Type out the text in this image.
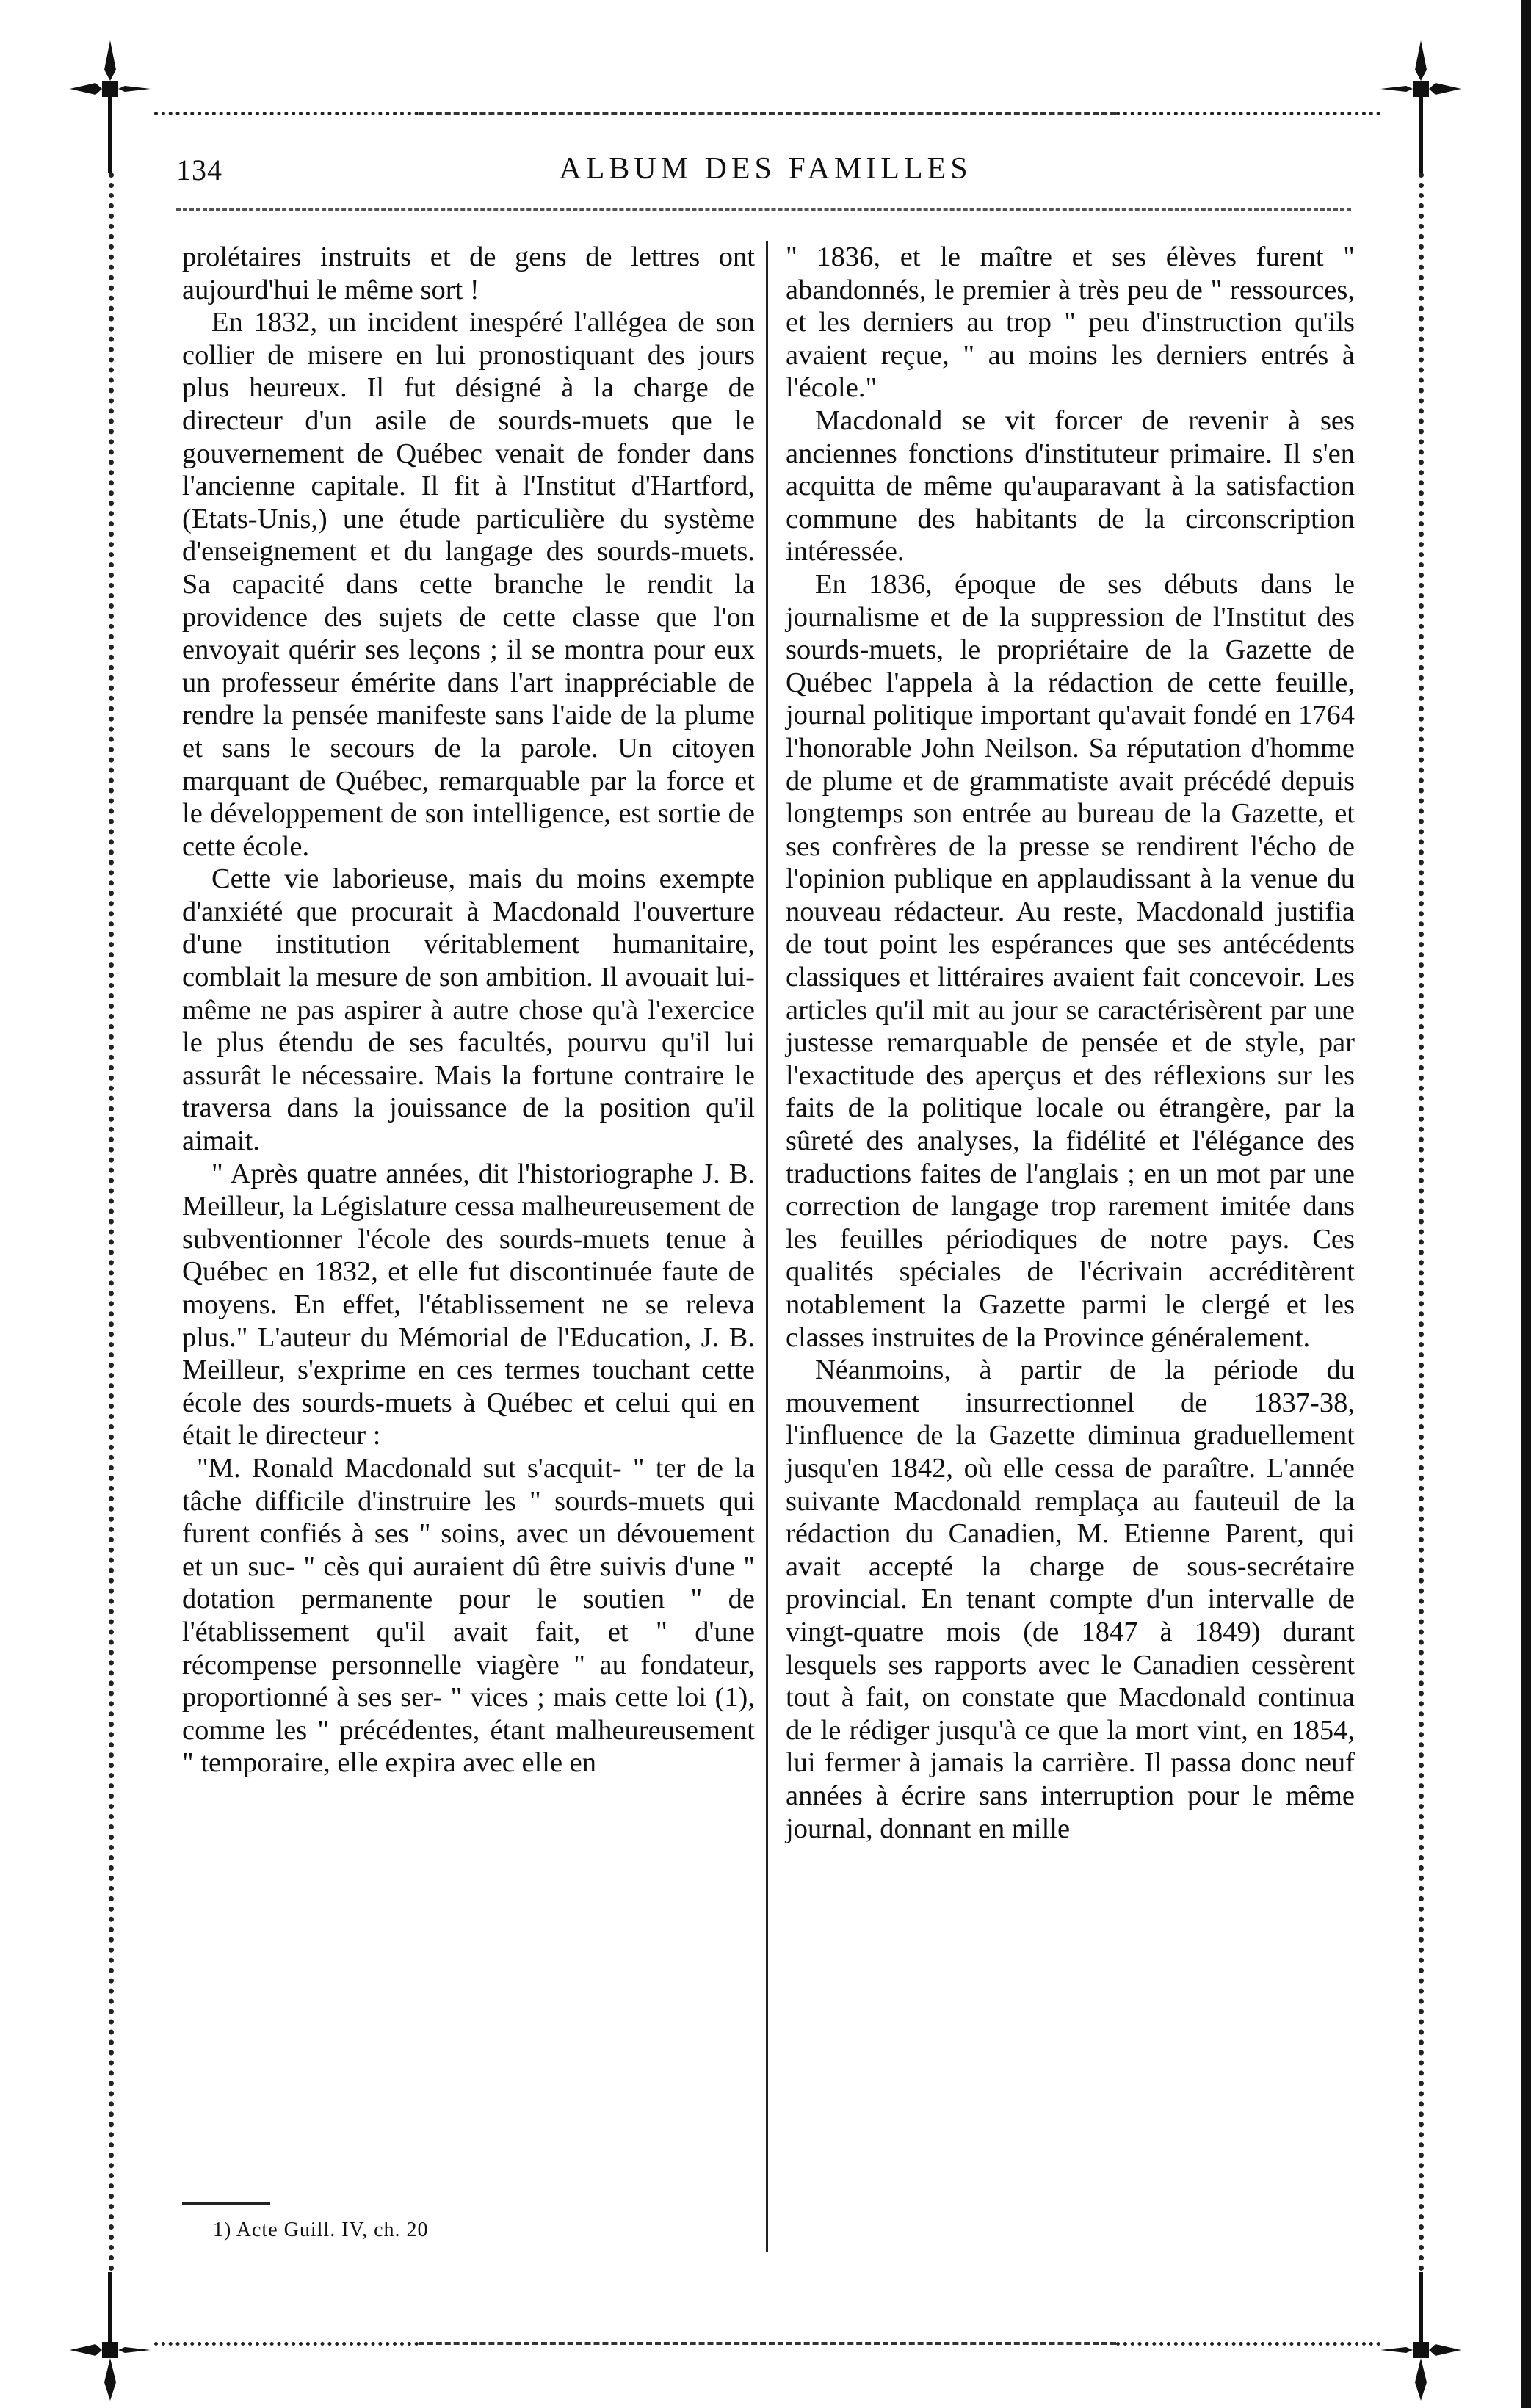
134	ALBUM DES FAMILLES

prolétaires instruits et de gens de lettres ont aujourd'hui le même sort !

En 1832, un incident inespéré l'allégea de son collier de misere en lui pronostiquant des jours plus heureux. Il fut désigné à la charge de directeur d'un asile de sourds-muets que le gouvernement de Québec venait de fonder dans l'ancienne capitale. Il fit à l'Institut d'Hartford, (Etats-Unis,) une étude particulière du système d'enseignement et du langage des sourds-muets. Sa capacité dans cette branche le rendit la providence des sujets de cette classe que l'on envoyait quérir ses leçons ; il se montra pour eux un professeur émérite dans l'art inappréciable de rendre la pensée manifeste sans l'aide de la plume et sans le secours de la parole. Un citoyen marquant de Québec, remarquable par la force et le développement de son intelligence, est sortie de cette école.

Cette vie laborieuse, mais du moins exempte d'anxiété que procurait à Macdonald l'ouverture d'une institution véritablement humanitaire, comblait la mesure de son ambition. Il avouait lui-même ne pas aspirer à autre chose qu'à l'exercice le plus étendu de ses facultés, pourvu qu'il lui assurât le nécessaire. Mais la fortune contraire le traversa dans la jouissance de la position qu'il aimait.

" Après quatre années, dit l'historiographe J. B. Meilleur, la Législature cessa malheureusement de subventionner l'école des sourds-muets tenue à Québec en 1832, et elle fut discontinuée faute de moyens. En effet, l'établissement ne se releva plus." L'auteur du Mémorial de l'Education, J. B. Meilleur, s'exprime en ces termes touchant cette école des sourds-muets à Québec et celui qui en était le directeur :

"M. Ronald Macdonald sut s'acquit- " ter de la tâche difficile d'instruire les " sourds-muets qui furent confiés à ses " soins, avec un dévouement et un suc- " cès qui auraient dû être suivis d'une " dotation permanente pour le soutien " de l'établissement qu'il avait fait, et " d'une récompense personnelle viagère " au fondateur, proportionné à ses ser- " vices ; mais cette loi (1), comme les " précédentes, étant malheureusement " temporaire, elle expira avec elle en

" 1836, et le maître et ses élèves furent " abandonnés, le premier à très peu de " ressources, et les derniers au trop " peu d'instruction qu'ils avaient reçue, " au moins les derniers entrés à l'école."

Macdonald se vit forcer de revenir à ses anciennes fonctions d'instituteur primaire. Il s'en acquitta de même qu'auparavant à la satisfaction commune des habitants de la circonscription intéressée.

En 1836, époque de ses débuts dans le journalisme et de la suppression de l'Institut des sourds-muets, le propriétaire de la Gazette de Québec l'appela à la rédaction de cette feuille, journal politique important qu'avait fondé en 1764 l'honorable John Neilson. Sa réputation d'homme de plume et de grammatiste avait précédé depuis longtemps son entrée au bureau de la Gazette, et ses confrères de la presse se rendirent l'écho de l'opinion publique en applaudissant à la venue du nouveau rédacteur. Au reste, Macdonald justifia de tout point les espérances que ses antécédents classiques et littéraires avaient fait concevoir. Les articles qu'il mit au jour se caractérisèrent par une justesse remarquable de pensée et de style, par l'exactitude des aperçus et des réflexions sur les faits de la politique locale ou étrangère, par la sûreté des analyses, la fidélité et l'élégance des traductions faites de l'anglais ; en un mot par une correction de langage trop rarement imitée dans les feuilles périodiques de notre pays. Ces qualités spéciales de l'écrivain accréditèrent notablement la Gazette parmi le clergé et les classes instruites de la Province généralement.

Néanmoins, à partir de la période du mouvement insurrectionnel de 1837-38, l'influence de la Gazette diminua graduellement jusqu'en 1842, où elle cessa de paraître. L'année suivante Macdonald remplaça au fauteuil de la rédaction du Canadien, M. Etienne Parent, qui avait accepté la charge de sous-secrétaire provincial. En tenant compte d'un intervalle de vingt-quatre mois (de 1847 à 1849) durant lesquels ses rapports avec le Canadien cessèrent tout à fait, on constate que Macdonald continua de le rédiger jusqu'à ce que la mort vint, en 1854, lui fermer à jamais la carrière. Il passa donc neuf années à écrire sans interruption pour le même journal, donnant en mille

1) Acte Guill. IV, ch. 20
